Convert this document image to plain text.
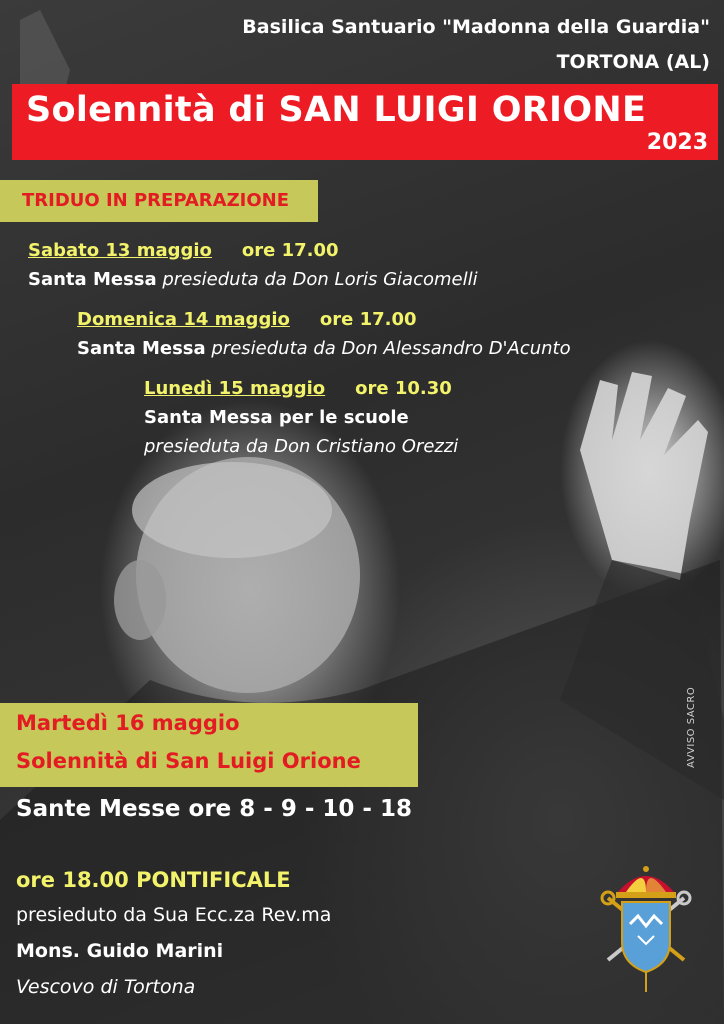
Basilica Santuario "Madonna della Guardia"
TORTONA (AL)
Solennità di SAN LUIGI ORIONE
2023
TRIDUO IN PREPARAZIONE
Sabato 13 maggio ore 17.00
Santa Messa presieduta da Don Loris Giacomelli
Domenica 14 maggio ore 17.00
Santa Messa presieduta da Don Alessandro D'Acunto
Lunedì 15 maggio ore 10.30
Santa Messa per le scuole
presieduta da Don Cristiano Orezzi
Martedì 16 maggio
Solennità di San Luigi Orione
Sante Messe ore 8 - 9 - 10 - 18
ore 18.00 PONTIFICALE
presieduto da Sua Ecc.za Rev.ma
Mons. Guido Marini
Vescovo di Tortona
AVVISO SACRO
